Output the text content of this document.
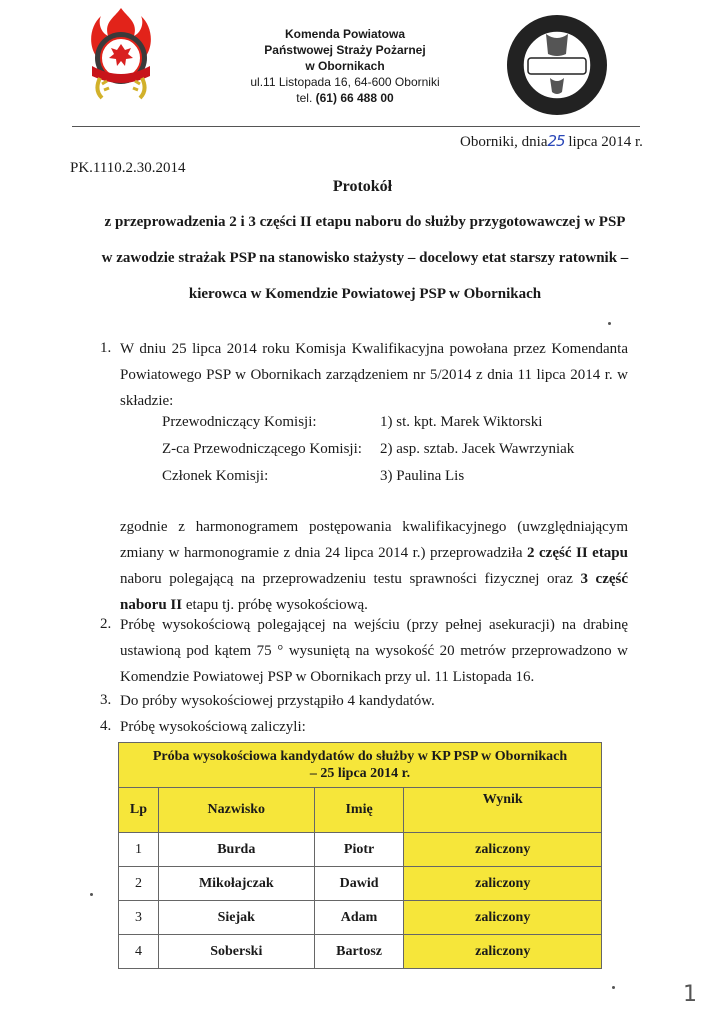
Komenda Powiatowa
Państwowej Straży Pożarnej
w Obornikach
ul.11 Listopada 16, 64-600 Oborniki
tel. (61) 66 488 00
Oborniki, dnia25 lipca 2014 r.
PK.1110.2.30.2014
Protokół
z przeprowadzenia 2 i 3 części II etapu naboru do służby przygotowawczej w PSP
w zawodzie strażak PSP na stanowisko stażysty – docelowy etat starszy ratownik –
kierowca w Komendzie Powiatowej PSP w Obornikach
1. W dniu 25 lipca 2014 roku Komisja Kwalifikacyjna powołana przez Komendanta Powiatowego PSP w Obornikach zarządzeniem nr 5/2014 z dnia 11 lipca 2014 r. w składzie:
Przewodniczący Komisji:	1) st. kpt. Marek Wiktorski
Z-ca Przewodniczącego Komisji: 2) asp. sztab. Jacek Wawrzyniak
Członek Komisji:	3) Paulina Lis
zgodnie z harmonogramem postępowania kwalifikacyjnego (uwzględniającym zmiany w harmonogramie z dnia 24 lipca 2014 r.) przeprowadziła 2 część II etapu naboru polegającą na przeprowadzeniu testu sprawności fizycznej oraz 3 część naboru II etapu tj. próbę wysokościową.
2. Próbę wysokościową polegającej na wejściu (przy pełnej asekuracji) na drabinę ustawioną pod kątem 75 ° wysuniętą na wysokość 20 metrów przeprowadzono w Komendzie Powiatowej PSP w Obornikach przy ul. 11 Listopada 16.
3. Do próby wysokościowej przystąpiło 4 kandydatów.
4. Próbę wysokościową zaliczyli:
Próba wysokościowa kandydatów do służby w KP PSP w Obornikach
– 25 lipca 2014 r.			

Lp	Nazwisko	Imię	Wynik
1	Burda	Piotr	zaliczony
2	Mikołajczak	Dawid	zaliczony
3	Siejak	Adam	zaliczony
4	Soberski	Bartosz	zaliczony
1
